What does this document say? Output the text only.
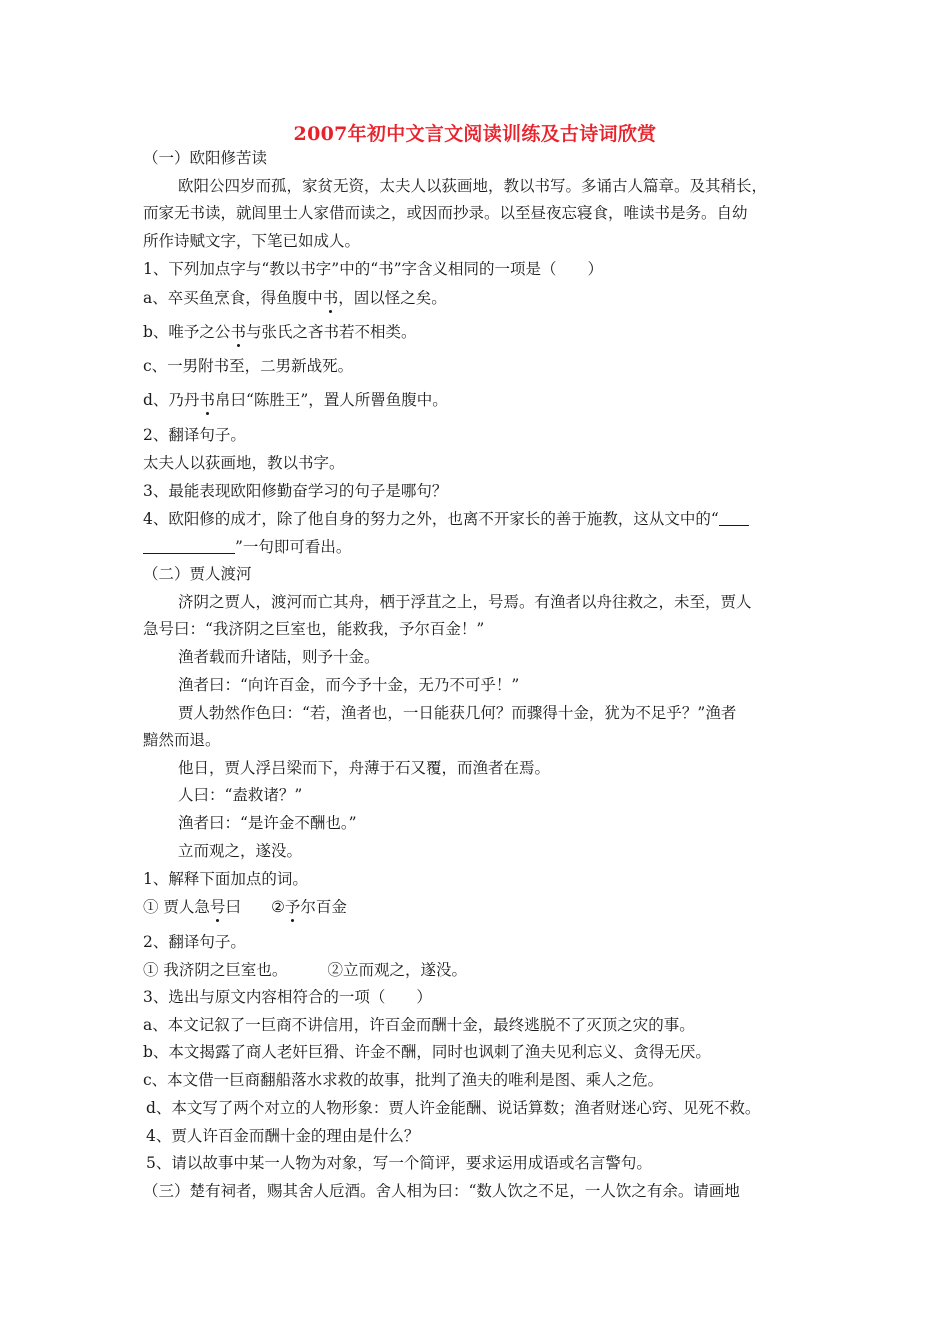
2007年初中文言文阅读训练及古诗词欣赏
（一）欧阳修苦读
欧阳公四岁而孤，家贫无资，太夫人以荻画地，教以书写。多诵古人篇章。及其稍长，
而家无书读，就闾里士人家借而读之，或因而抄录。以至昼夜忘寝食，唯读书是务。自幼
所作诗赋文字，下笔已如成人。
1、下列加点字与“教以书字”中的“书”字含义相同的一项是（　　）
a、卒买鱼烹食，得鱼腹中书，固以怪之矣。
b、唯予之公书与张氏之吝书若不相类。
c、一男附书至，二男新战死。
d、乃丹书帛曰“陈胜王”，置人所罾鱼腹中。
2、翻译句子。
太夫人以荻画地，教以书字。
3、最能表现欧阳修勤奋学习的句子是哪句？
4、欧阳修的成才，除了他自身的努力之外，也离不开家长的善于施教，这从文中的“
”一句即可看出。
（二）贾人渡河
济阴之贾人，渡河而亡其舟，栖于浮苴之上，号焉。有渔者以舟往救之，未至，贾人
急号曰：“我济阴之巨室也，能救我，予尔百金！”
渔者载而升诸陆，则予十金。
渔者曰：“向许百金，而今予十金，无乃不可乎！”
贾人勃然作色曰：“若，渔者也，一日能获几何？而骤得十金，犹为不足乎？”渔者
黯然而退。
他日，贾人浮吕梁而下，舟薄于石又覆，而渔者在焉。
人曰：“盍救诸？”
渔者曰：“是许金不酬也。”
立而观之，遂没。
1、解释下面加点的词。
① 贾人急号曰 ②予尔百金
2、翻译句子。
① 我济阴之巨室也。	②立而观之，遂没。
3、选出与原文内容相符合的一项（　　）
a、本文记叙了一巨商不讲信用，许百金而酬十金，最终逃脱不了灭顶之灾的事。
b、本文揭露了商人老奸巨猾、许金不酬，同时也讽刺了渔夫见利忘义、贪得无厌。
c、本文借一巨商翻船落水求救的故事，批判了渔夫的唯利是图、乘人之危。
d、本文写了两个对立的人物形象：贾人许金能酬、说话算数；渔者财迷心窍、见死不救。
4、贾人许百金而酬十金的理由是什么？
5、请以故事中某一人物为对象，写一个简评，要求运用成语或名言警句。
（三）楚有祠者，赐其舍人卮酒。舍人相为曰：“数人饮之不足，一人饮之有余。请画地
